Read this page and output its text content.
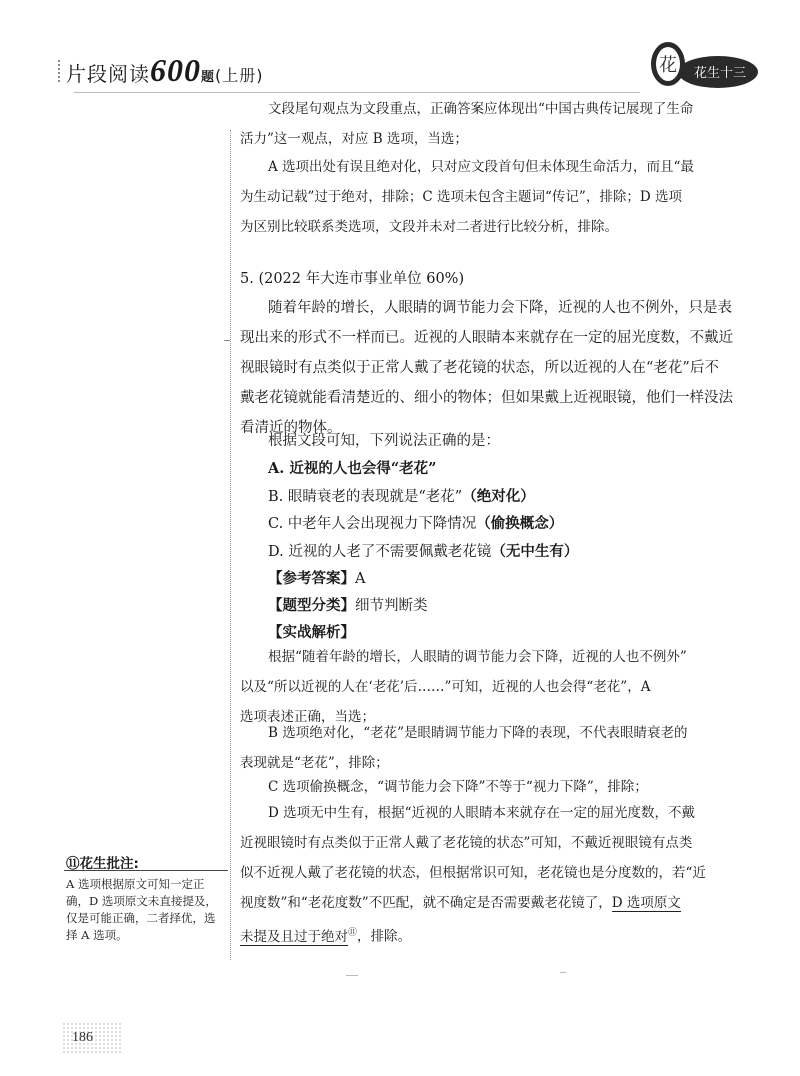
片段阅读600题(上册)	花 花生十三
文段尾句观点为文段重点，正确答案应体现出“中国古典传记展现了生命
活力”这一观点，对应 B 选项，当选；
A 选项出处有误且绝对化，只对应文段首句但未体现生命活力，而且“最
为生动记载”过于绝对，排除；C 选项未包含主题词“传记”，排除；D 选项
为区别比较联系类选项，文段并未对二者进行比较分析，排除。
5. (2022 年大连市事业单位 60%)
随着年龄的增长，人眼睛的调节能力会下降，近视的人也不例外，只是表
现出来的形式不一样而已。近视的人眼睛本来就存在一定的屈光度数，不戴近
视眼镜时有点类似于正常人戴了老花镜的状态，所以近视的人在“老花”后不
戴老花镜就能看清楚近的、细小的物体；但如果戴上近视眼镜，他们一样没法
看清近的物体。
根据文段可知，下列说法正确的是：
A. 近视的人也会得“老花”
B. 眼睛衰老的表现就是“老花”（绝对化）
C. 中老年人会出现视力下降情况（偷换概念）
D. 近视的人老了不需要佩戴老花镜（无中生有）
【参考答案】A
【题型分类】细节判断类
【实战解析】
根据“随着年龄的增长，人眼睛的调节能力会下降，近视的人也不例外”
以及“所以近视的人在‘老花’后……”可知，近视的人也会得“老花”，A
选项表述正确，当选；
B 选项绝对化，“老花”是眼睛调节能力下降的表现，不代表眼睛衰老的
表现就是“老花”，排除；
C 选项偷换概念，“调节能力会下降”不等于“视力下降”，排除；
D 选项无中生有，根据“近视的人眼睛本来就存在一定的屈光度数，不戴
近视眼镜时有点类似于正常人戴了老花镜的状态”可知，不戴近视眼镜有点类
似不近视人戴了老花镜的状态，但根据常识可知，老花镜也是分度数的，若“近
视度数”和“老花度数”不匹配，就不确定是否需要戴老花镜了，D 选项原文
未提及且过于绝对⑪，排除。
⑪花生批注:
A 选项根据原文可知一定正确，D 选项原文未直接提及，仅是可能正确，二者择优，选择 A 选项。
186
